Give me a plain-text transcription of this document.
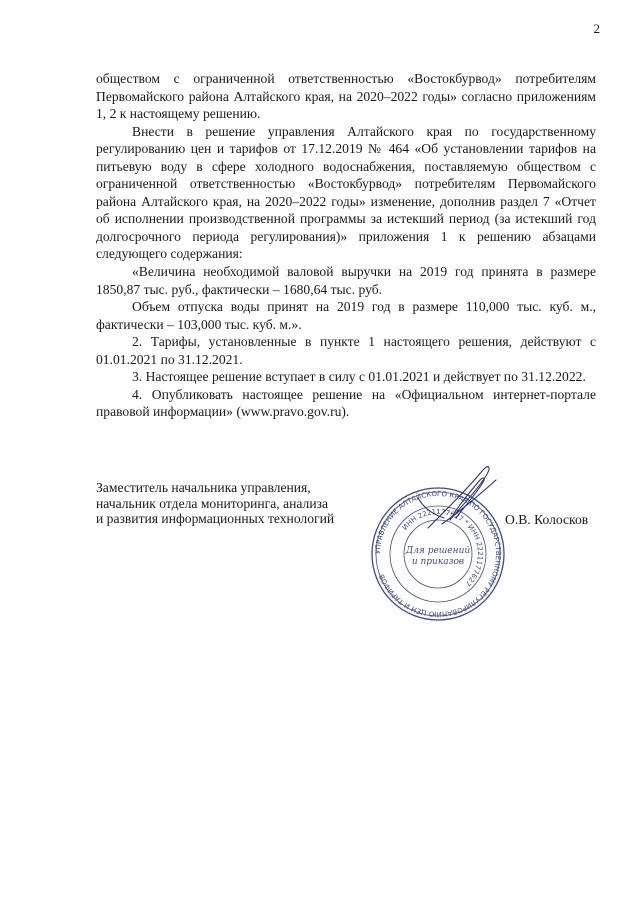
2

обществом с ограниченной ответственностью «Востокбурвод» потребителям Первомайского района Алтайского края, на 2020–2022 годы» согласно приложениям 1, 2 к настоящему решению.

Внести в решение управления Алтайского края по государственному регулированию цен и тарифов от 17.12.2019 № 464 «Об установлении тарифов на питьевую воду в сфере холодного водоснабжения, поставляемую обществом с ограниченной ответственностью «Востокбурвод» потребителям Первомайского района Алтайского края, на 2020–2022 годы» изменение, дополнив раздел 7 «Отчет об исполнении производственной программы за истекший период (за истекший год долгосрочного периода регулирования)» приложения 1 к решению абзацами следующего содержания:

«Величина необходимой валовой выручки на 2019 год принята в размере 1850,87 тыс. руб., фактически – 1680,64 тыс. руб.

Объем отпуска воды принят на 2019 год в размере 110,000 тыс. куб. м., фактически – 103,000 тыс. куб. м.».

2. Тарифы, установленные в пункте 1 настоящего решения, действуют с 01.01.2021 по 31.12.2021.

3. Настоящее решение вступает в силу с 01.01.2021 и действует по 31.12.2022.

4. Опубликовать настоящее решение на «Официальном интернет-портале правовой информации» (www.pravo.gov.ru).

Заместитель начальника управления,
начальник отдела мониторинга, анализа
и развития информационных технологий
УПРАВЛЕНИЕ АЛТАЙСКОГО КРАЯ ПО ГОСУДАРСТВЕННОМУ РЕГУЛИРОВАНИЮ ЦЕН И ТАРИФОВ
ИНН 2221177627 * ИНН 2221177627
Для решений
и приказов
О.В. Колосков
